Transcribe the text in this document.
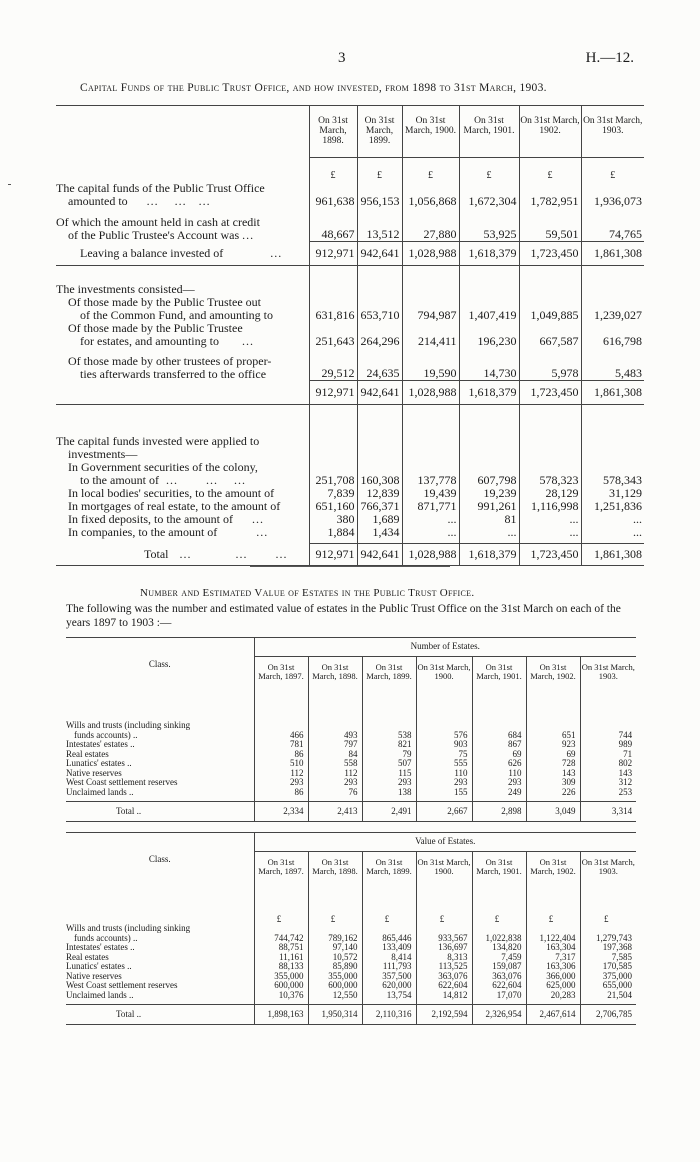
3	H.—12.
Capital Funds of the Public Trust Office, and how invested, from 1898 to 31st March, 1903.
	On 31st March, 1898.	On 31st March, 1899.	On 31st March, 1900.	On 31st March, 1901.	On 31st March, 1902.	On 31st March, 1903.
	£	£	£	£	£	£

The capital funds of the Public Trust Office
amounted to     ...    ...   ...	961,638	956,153	1,056,868	1,672,304	1,782,951	1,936,073

Of which the amount held in cash at credit
of the Public Trustee's Account was ...	48,667	13,512	27,880	53,925	59,501	74,765
Leaving a balance invested of            ...	912,971	942,641	1,028,988	1,618,379	1,723,450	1,861,308

The investments consisted—
Of those made by the Public Trustee out
of the Common Fund, and amounting to	631,816	653,710	794,987	1,407,419	1,049,885	1,239,027

Of those made by the Public Trustee
for estates, and amounting to      ...	251,643	264,296	214,411	196,230	667,587	616,798

Of those made by other trustees of proper-
ties afterwards transferred to the office	29,512	24,635	19,590	14,730	5,978	5,483
	912,971	942,641	1,028,988	1,618,379	1,723,450	1,861,308

The capital funds invested were applied to
investments—
In Government securities of the colony,
to the amount of  ...       ...    ...	251,708	160,308	137,778	607,798	578,323	578,343
In local bodies' securities, to the amount of	7,839	12,839	19,439	19,239	28,129	31,129
In mortgages of real estate, to the amount of	651,160	766,371	871,771	991,261	1,116,998	1,251,836
In fixed deposits, to the amount of     ...	380	1,689	...	81	...	...
In companies, to the amount of          ...	1,884	1,434	...	...	...	...
Total   ...           ...       ...	912,971	942,641	1,028,988	1,618,379	1,723,450	1,861,308
Number and Estimated Value of Estates in the Public Trust Office.
The following was the number and estimated value of estates in the Public Trust Office on the 31st March on each of the years 1897 to 1903 :—
Class.	Number of Estates.						
	On 31st March, 1897.	On 31st March, 1898.	On 31st March, 1899.	On 31st March, 1900.	On 31st March, 1901.	On 31st March, 1902.	On 31st March, 1903.

Wills and trusts (including sinking
funds accounts) ..	466	493	538	576	684	651	744
Intestates' estates ..	781	797	821	903	867	923	989
Real estates	86	84	79	75	69	69	71
Lunatics' estates ..	510	558	507	555	626	728	802
Native reserves	112	112	115	110	110	143	143
West Coast settlement reserves	293	293	293	293	293	309	312
Unclaimed lands ..	86	76	138	155	249	226	253
Total ..	2,334	2,413	2,491	2,667	2,898	3,049	3,314
Class.	Value of Estates.						
	On 31st March, 1897.	On 31st March, 1898.	On 31st March, 1899.	On 31st March, 1900.	On 31st March, 1901.	On 31st March, 1902.	On 31st March, 1903.
	£	£	£	£	£	£	£

Wills and trusts (including sinking
funds accounts) ..	744,742	789,162	865,446	933,567	1,022,838	1,122,404	1,279,743
Intestates' estates ..	88,751	97,140	133,409	136,697	134,820	163,304	197,368
Real estates	11,161	10,572	8,414	8,313	7,459	7,317	7,585
Lunatics' estates ..	88,133	85,890	111,793	113,525	159,087	163,306	170,585
Native reserves	355,000	355,000	357,500	363,076	363,076	366,000	375,000
West Coast settlement reserves	600,000	600,000	620,000	622,604	622,604	625,000	655,000
Unclaimed lands ..	10,376	12,550	13,754	14,812	17,070	20,283	21,504
Total ..	1,898,163	1,950,314	2,110,316	2,192,594	2,326,954	2,467,614	2,706,785
